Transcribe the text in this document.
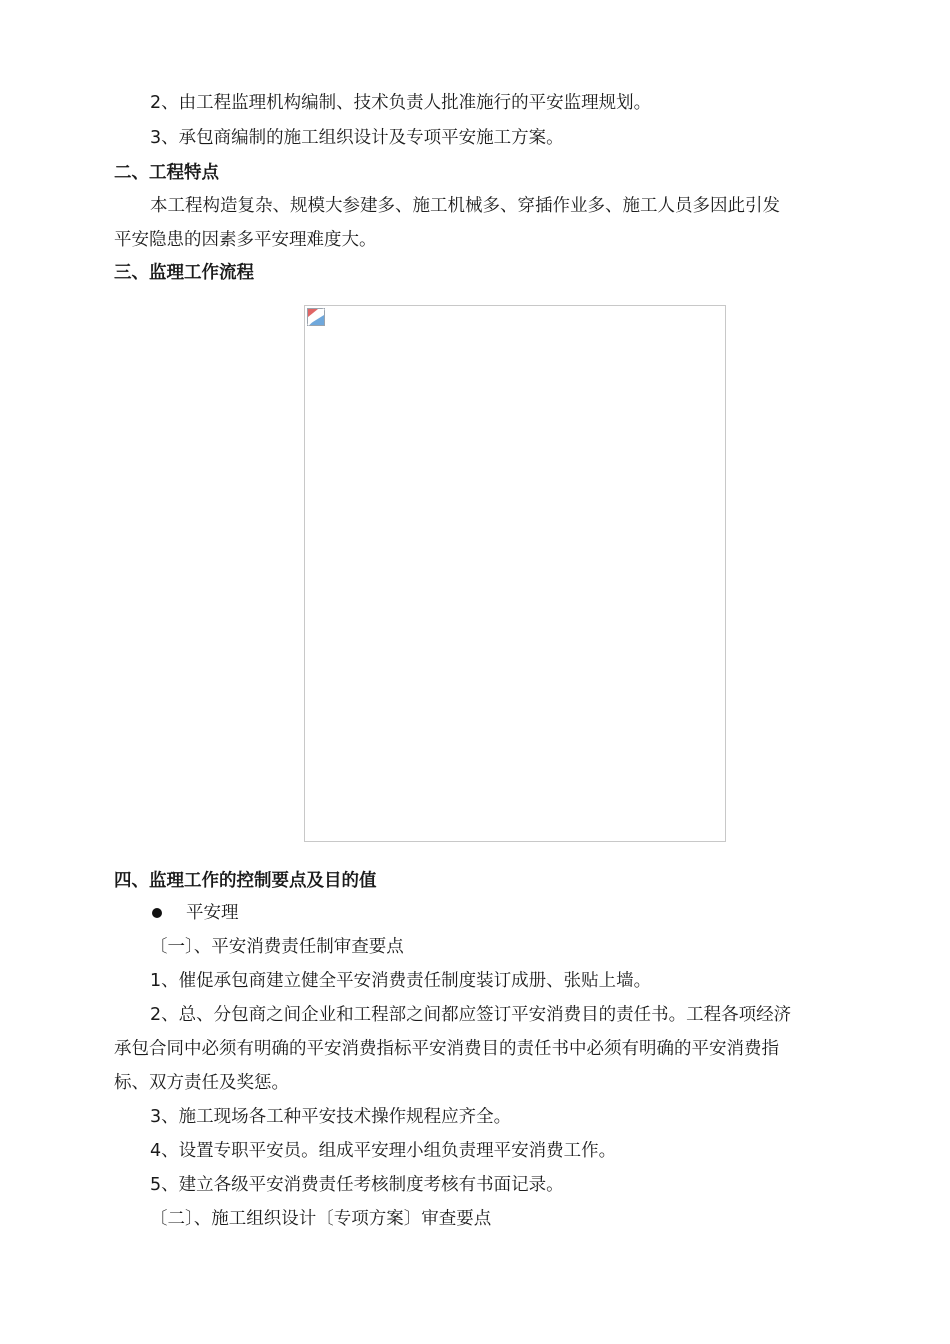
2、由工程监理机构编制、技术负责人批准施行的平安监理规划。
3、承包商编制的施工组织设计及专项平安施工方案。
二、工程特点
本工程构造复杂、规模大参建多、施工机械多、穿插作业多、施工人员多因此引发
平安隐患的因素多平安理难度大。
三、监理工作流程
四、监理工作的控制要点及目的值
平安理
〔一〕、平安消费责任制审查要点
1、催促承包商建立健全平安消费责任制度装订成册、张贴上墙。
2、总、分包商之间企业和工程部之间都应签订平安消费目的责任书。工程各项经济
承包合同中必须有明确的平安消费指标平安消费目的责任书中必须有明确的平安消费指
标、双方责任及奖惩。
3、施工现场各工种平安技术操作规程应齐全。
4、设置专职平安员。组成平安理小组负责理平安消费工作。
5、建立各级平安消费责任考核制度考核有书面记录。
〔二〕、施工组织设计〔专项方案〕审查要点
